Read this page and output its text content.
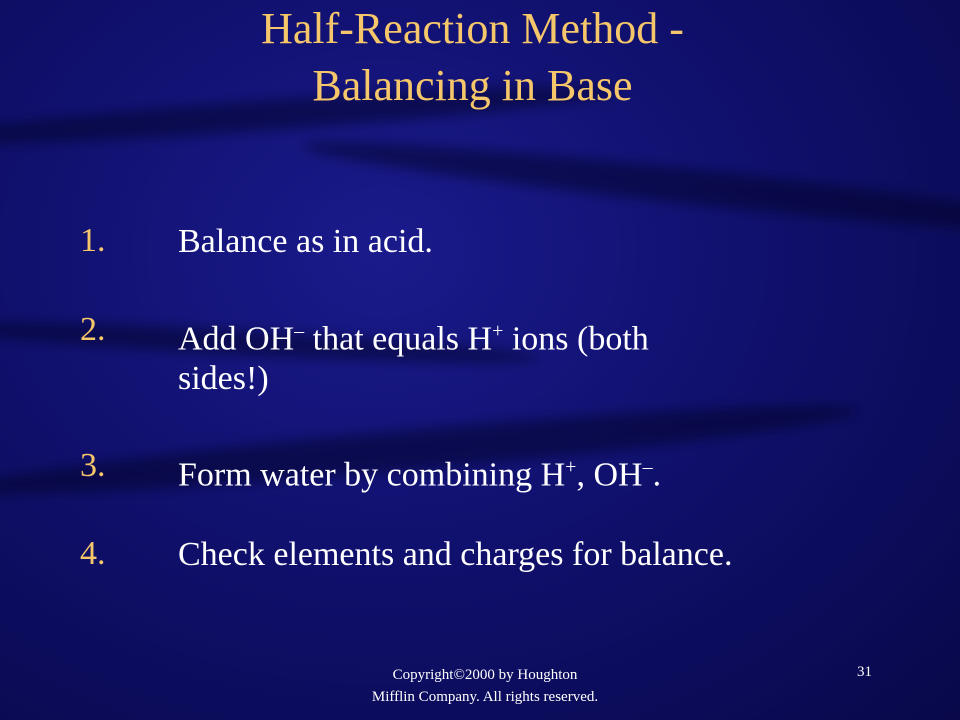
Half-Reaction Method -
Balancing in Base
1. Balance as in acid.
2. Add OH– that equals H+ ions (both
sides!)
3. Form water by combining H+, OH–.
4. Check elements and charges for balance.
Copyright©2000 by Houghton
Mifflin Company. All rights reserved.
31
